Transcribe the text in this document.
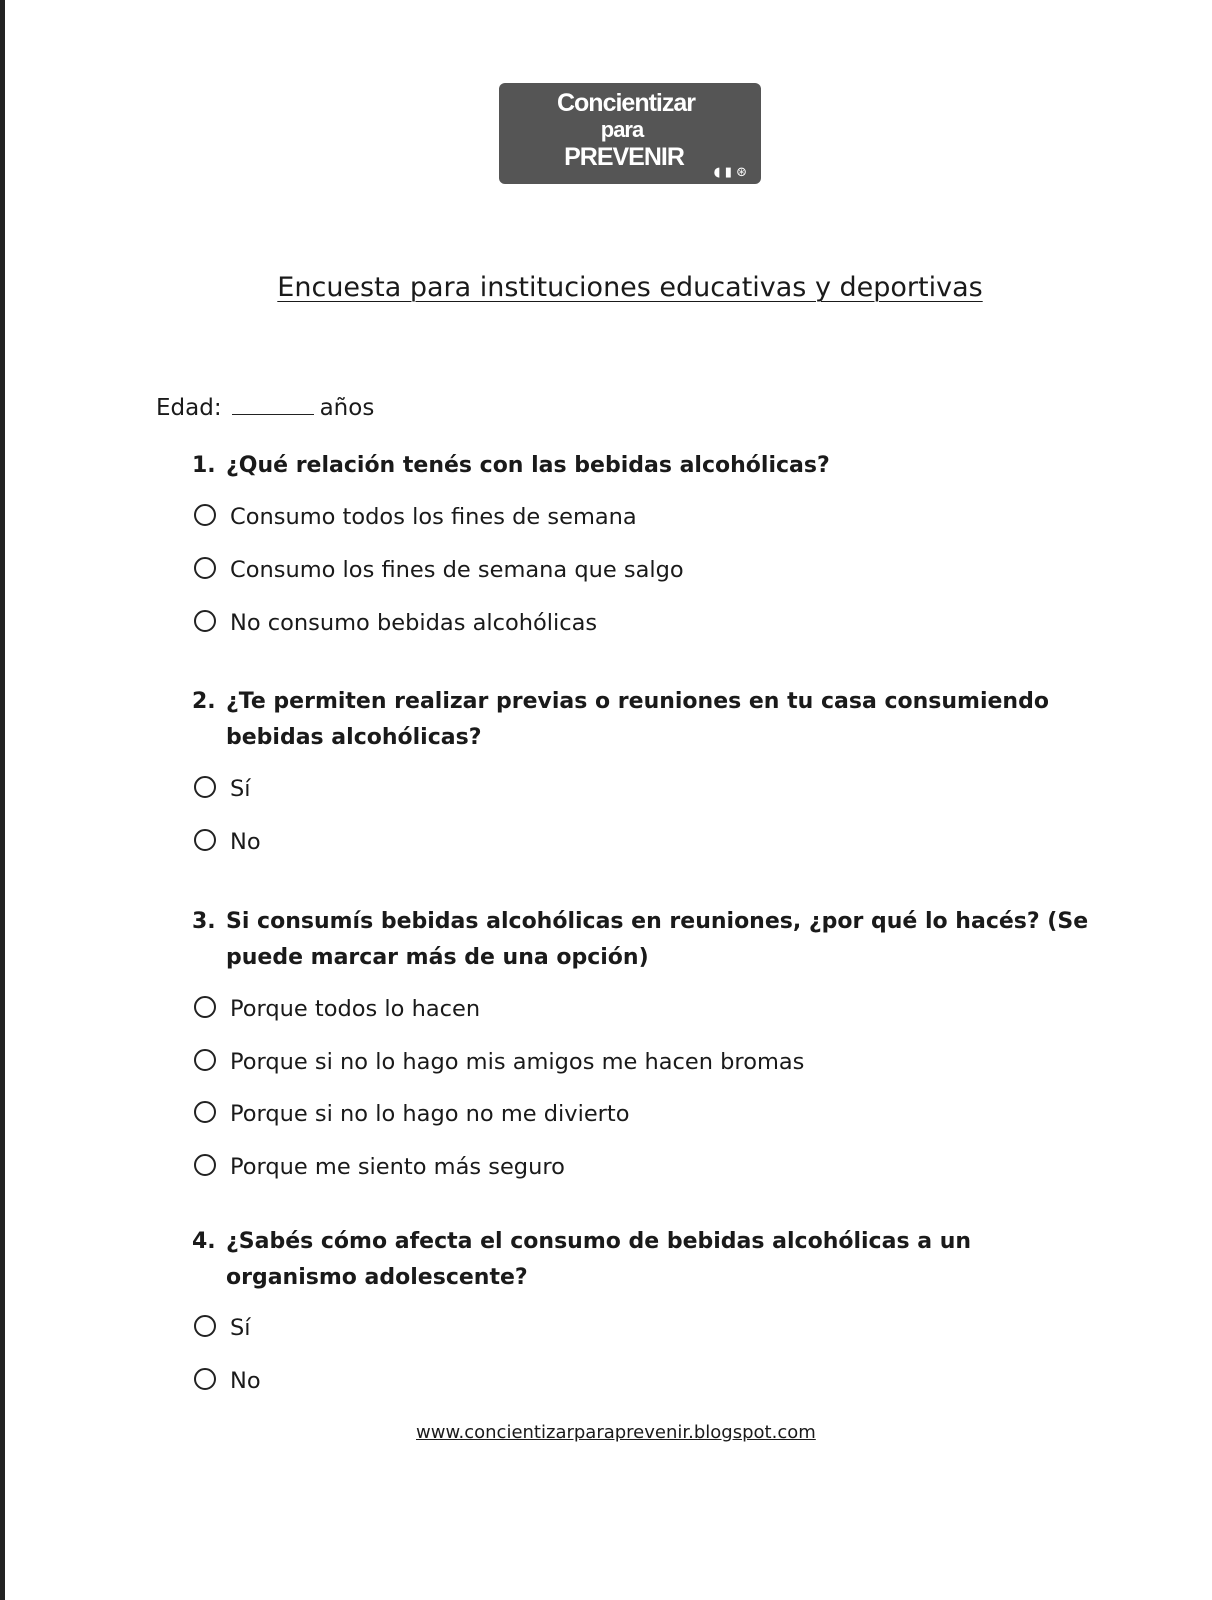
Concientizar
para
PREVENIR
◖ ▮ ⊛
Encuesta para instituciones educativas y deportivas
Edad:	años
1. ¿Qué relación tenés con las bebidas alcohólicas?
Consumo todos los fines de semana
Consumo los fines de semana que salgo
No consumo bebidas alcohólicas
2. ¿Te permiten realizar previas o reuniones en tu casa consumiendo bebidas alcohólicas?
Sí
No
3. Si consumís bebidas alcohólicas en reuniones, ¿por qué lo hacés? (Se puede marcar más de una opción)
Porque todos lo hacen
Porque si no lo hago mis amigos me hacen bromas
Porque si no lo hago no me divierto
Porque me siento más seguro
4. ¿Sabés cómo afecta el consumo de bebidas alcohólicas a un organismo adolescente?
Sí
No
www.concientizarparaprevenir.blogspot.com
